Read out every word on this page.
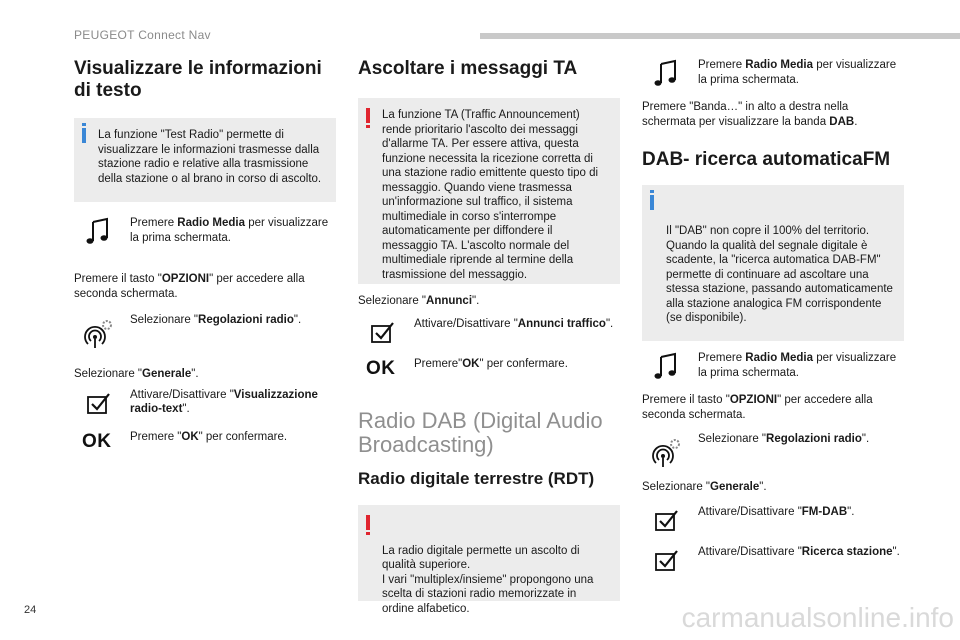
PEUGEOT Connect Nav
24	carmanualsonline.info
Visualizzare le informazioni di testo
La funzione "Test Radio" permette di visualizzare le informazioni trasmesse dalla stazione radio e relative alla trasmissione della stazione o al brano in corso di ascolto.
Premere Radio Media per visualizzare la prima schermata.

Premere il tasto "OPZIONI" per accedere alla seconda schermata.

Selezionare "Regolazioni radio".

Selezionare "Generale".

Attivare/Disattivare "Visualizzazione radio-text".
OK Premere "OK" per confermare.
Ascoltare i messaggi TA
La funzione TA (Traffic Announcement) rende prioritario l'ascolto dei messaggi d'allarme TA. Per essere attiva, questa funzione necessita la ricezione corretta di una stazione radio emittente questo tipo di messaggio. Quando viene trasmessa un'informazione sul traffico, il sistema multimediale in corso s'interrompe automaticamente per diffondere il messaggio TA. L'ascolto normale del multimediale riprende al termine della trasmissione del messaggio.

Selezionare "Annunci".

Attivare/Disattivare "Annunci traffico".
OK Premere"OK" per confermare.
Radio DAB (Digital Audio Broadcasting)
Radio digitale terrestre (RDT)

La radio digitale permette un ascolto di qualità superiore.
I vari "multiplex/insieme" propongono una scelta di stazioni radio memorizzate in ordine alfabetico.

Premere Radio Media per visualizzare la prima schermata.

Premere "Banda…" in alto a destra nella schermata per visualizzare la banda DAB.

DAB- ricerca automaticaFM

Il "DAB" non copre il 100% del territorio.
Quando la qualità del segnale digitale è scadente, la "ricerca automatica DAB-FM" permette di continuare ad ascoltare una stessa stazione, passando automaticamente alla stazione analogica FM corrispondente (se disponibile).

Premere Radio Media per visualizzare la prima schermata.

Premere il tasto "OPZIONI" per accedere alla seconda schermata.

Selezionare "Regolazioni radio".

Selezionare "Generale".

Attivare/Disattivare "FM-DAB".
Attivare/Disattivare "Ricerca stazione".
